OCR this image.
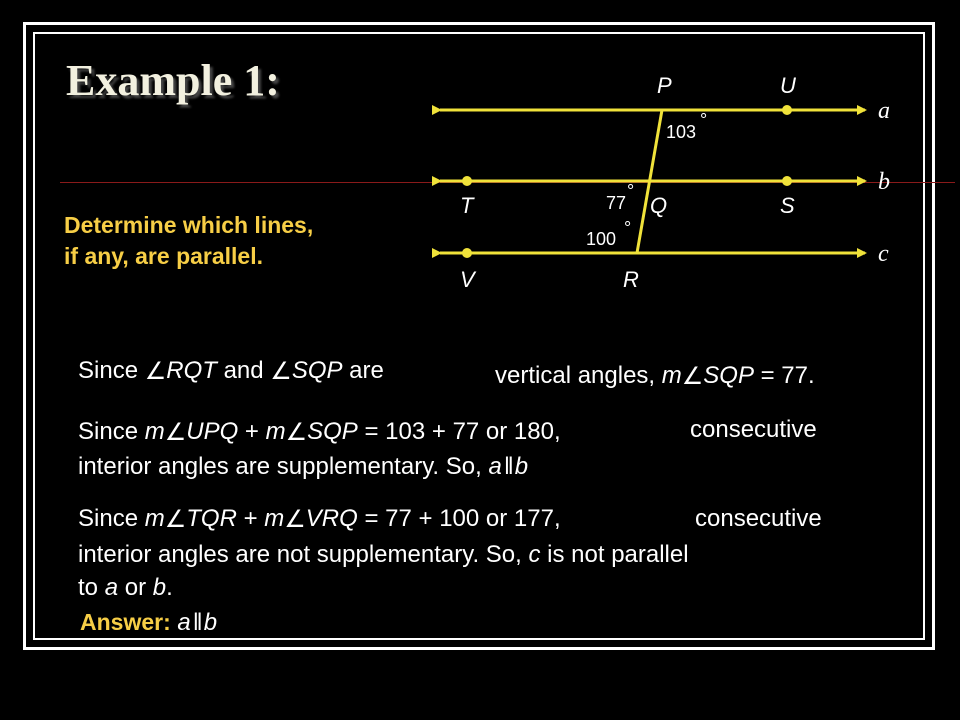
Example 1:
Determine which lines,
if any, are parallel.
P	U
T	Q	S
V	R
a
b
c
103
°
77
°
100
°
Since ∠RQT and ∠SQP are	vertical angles, m∠SQP = 77.
Since m∠UPQ + m∠SQP = 103 + 77 or 180,	consecutive
interior angles are supplementary. So, a‖b
Since m∠TQR + m∠VRQ = 77 + 100 or 177,	consecutive
interior angles are not supplementary. So, c is not parallel
to a or b.
Answer: a‖b
